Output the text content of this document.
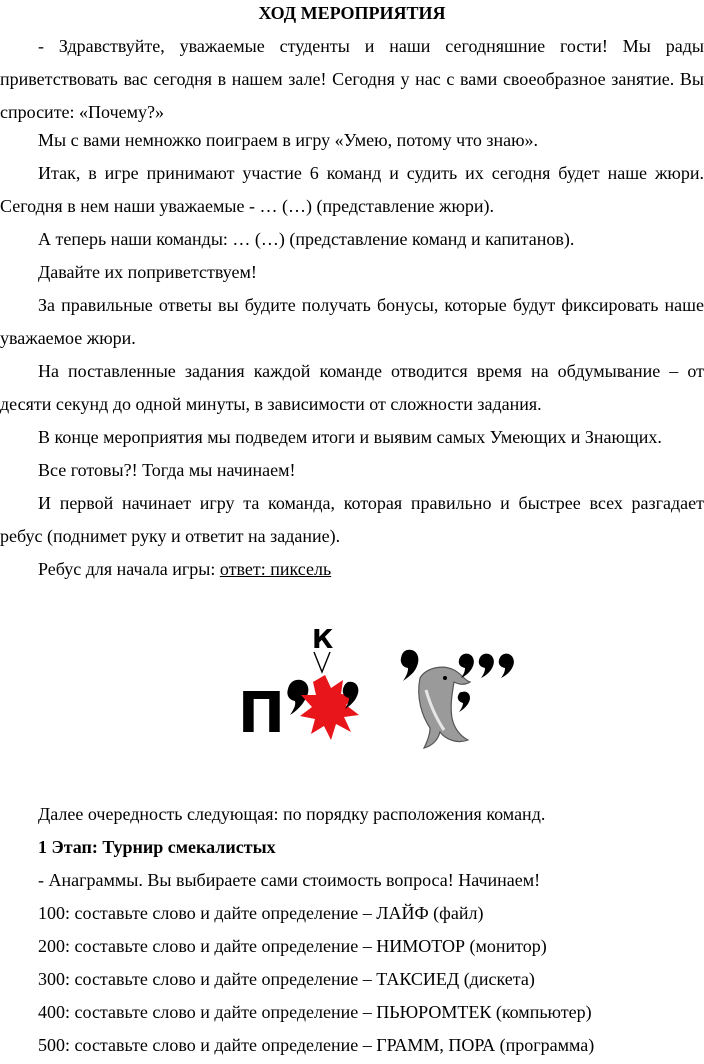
ХОД МЕРОПРИЯТИЯ
- Здравствуйте, уважаемые студенты и наши сегодняшние гости! Мы рады приветствовать вас сегодня в нашем зале! Сегодня у нас с вами своеобразное занятие. Вы спросите: «Почему?»
Мы с вами немножко поиграем в игру «Умею, потому что знаю».
Итак, в игре принимают участие 6 команд и судить их сегодня будет наше жюри. Сегодня в нем наши уважаемые - … (…) (представление жюри).
А теперь наши команды: … (…) (представление команд и капитанов).
Давайте их поприветствуем!
За правильные ответы вы будите получать бонусы, которые будут фиксировать наше уважаемое жюри.
На поставленные задания каждой команде отводится время на обдумывание – от десяти секунд до одной минуты, в зависимости от сложности задания.
В конце мероприятия мы подведем итоги и выявим самых Умеющих и Знающих.
Все готовы?! Тогда мы начинаем!
И первой начинает игру та команда, которая правильно и быстрее всех разгадает ребус (поднимет руку и ответит на задание).
Ребус для начала игры: ответ: пиксель
П
К
Далее очередность следующая: по порядку расположения команд.
1 Этап: Турнир смекалистых
- Анаграммы. Вы выбираете сами стоимость вопроса! Начинаем!
100: составьте слово и дайте определение – ЛАЙФ (файл)
200: составьте слово и дайте определение – НИМОТОР (монитор)
300: составьте слово и дайте определение – ТАКСИЕД (дискета)
400: составьте слово и дайте определение – ПЬЮРОМТЕК (компьютер)
500: составьте слово и дайте определение – ГРАММ, ПОРА (программа)
